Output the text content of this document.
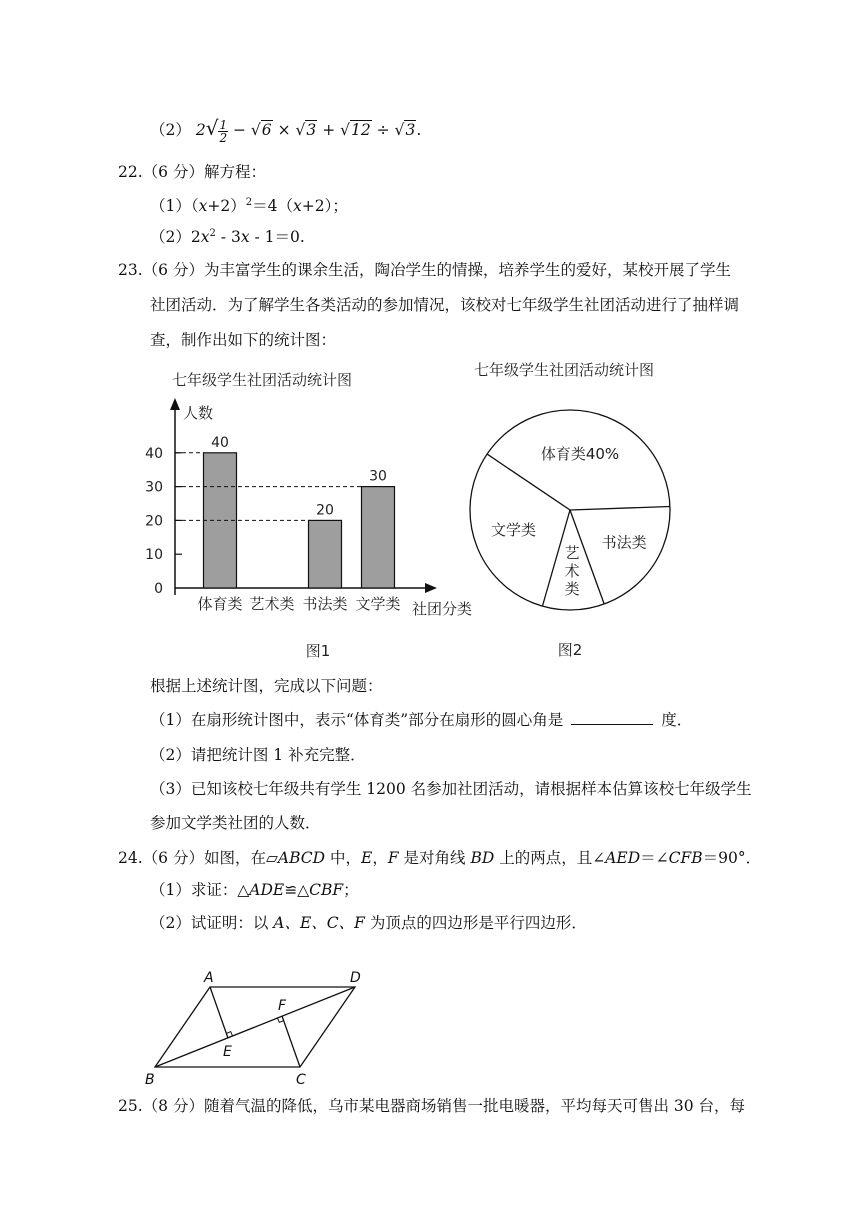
（2） $2√ \frac{1}{2} - √6 \times √3 + √12 \div √3$.
22.（6 分）解方程：
$(1)(x+2)^2=4(x+2)$；
$(2)2x^2 - 3x - 1=0$.
23.（6 分）为丰富学生的课余生活，陶冶学生的情操，培养学生的爱好，某校开展了学生
社团活动．为了解学生各类活动的参加情况，该校对七年级学生社团活动进行了抽样调
查，制作出如下的统计图：
七年级学生社团活动统计图
人数
社团分类
0
10
20
30
40
40
体育类 艺术类
20
书法类
30
文学类
图1
七年级学生社团活动统计图
体育类40%
书法类
艺
术
类
文学类
图2
根据上述统计图，完成以下问题：
（1）在扇形统计图中，表示“体育类”部分在扇形的圆心角是	度．
（2）请把统计图 1 补充完整．
（3）已知该校七年级共有学生 1200 名参加社团活动，请根据样本估算该校七年级学生
参加文学类社团的人数．
24.（6 分）如图，在▱ABCD 中，E，F 是对角线 BD 上的两点，且∠AED＝∠CFB＝90°．
（1）求证：△ADE≌△CBF；
（2）试证明：以 A、E、C、F 为顶点的四边形是平行四边形．
A	D
B	C
E
F
25.（8 分）随着气温的降低，乌市某电器商场销售一批电暖器，平均每天可售出 30 台，每
